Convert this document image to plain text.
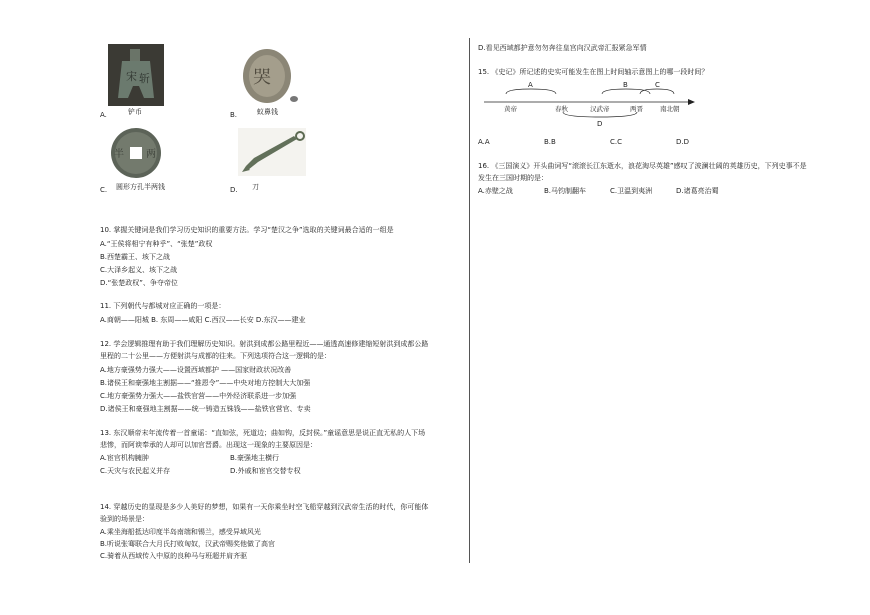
A.
宋 斩
铲币	B.
哭
蚁鼻钱
C.
半 两
圆形方孔半两钱	D. 刀
10. 掌握关键词是我们学习历史知识的重要方法。学习“楚汉之争”选取的关键词最合适的一组是
A.“王侯将相宁有种乎”、“张楚”政权
B.西楚霸王、垓下之战
C.大泽乡起义、垓下之战
D.“张楚政权”、争夺帝位
11. 下列朝代与都城对应正确的一项是：
A.商朝——阳城 B. 东周——咸阳 C.西汉——长安 D.东汉——建业
12. 学会逻辑推理有助于我们理解历史知识。射洪到成都公路里程近——通透高速修建缩短射洪到成都公路
里程的二十公里——方便射洪与成都的往来。下列选项符合这一逻辑的是：
A.地方豪强势力强大——设置西域都护 ——国家财政状况改善
B.诸侯王和豪强地主割据——“推恩令”——中央对地方控制大大加强
C.地方豪强势力强大——盐铁官营——中外经济联系进一步加强
D.诸侯王和豪强地主割据——统一铸造五铢钱——盐铁官营官、专卖
13. 东汉顺帝末年流传着一首童谣：“直如弦，死道边；曲如钩，反封侯。”童谣意思是说正直无私的人下场
悲惨，而阿谀奉承的人却可以加官晋爵。出现这一现象的主要原因是：
A.宦官机构臃肿	B.豪强地主横行
C.天灾与农民起义并存	D.外戚和宦官交替专权
14. 穿越历史的显现是多少人美好的梦想，如果有一天你乘坐时空飞船穿越到汉武帝生活的时代，你可能体
验到的场景是：
A.乘坐海船抵达印度半岛南端和锡兰，感受异域风光
B.听说张骞联合大月氏打败匈奴，汉武帝赐奖他做了高官
C.骑着从西域传入中原的良种马与班超并肩齐驱
D.看见西域都护意勿勿奔往皇宫向汉武帝汇报紧急军情
15. 《史记》所记述的史实可能发生在图上时间轴示意图上的哪一段时间？
A	B	C
D
黄帝	春秋	汉武帝	两晋	南北朝
A.A	B.B	C.C	D.D
16. 《三国演义》开头曲词写“滚滚长江东逝水，浪花淘尽英雄”感叹了波澜壮阔的英雄历史，下列史事不是
发生在三国时期的是：
A.赤壁之战	B.马钧制翻车	C.卫温到夷洲	D.诸葛亮治蜀
